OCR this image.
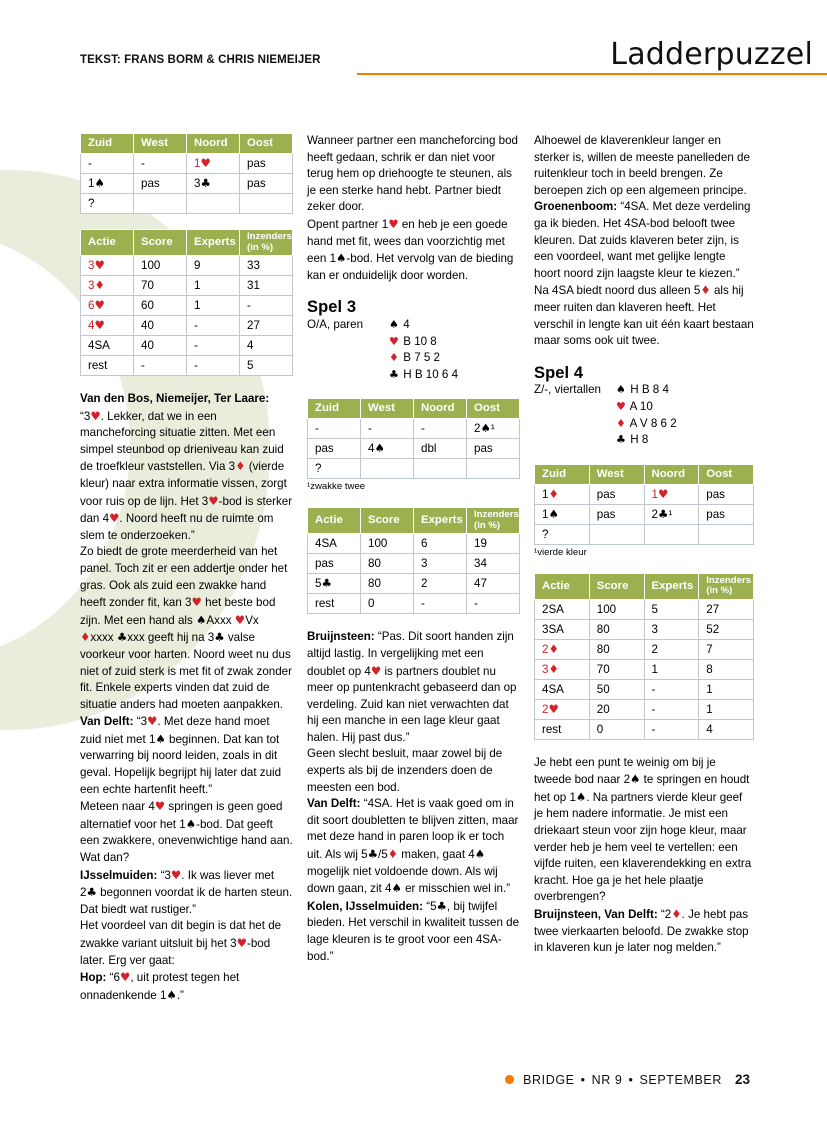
TEKST: FRANS BORM & CHRIS NIEMEIJER	Ladderpuzzel
Zuid	West	Noord	Oost
-	-	1♥	pas
1♠	pas	3♣	pas
?			
Actie	Score	Experts	Inzenders
(in %)

3♥	100	9	33
3♦	70	1	31
6♥	60	1	-
4♥	40	-	27
4SA	40	-	4
rest	-	-	5

Van den Bos, Niemeijer, Ter Laare:
“3♥. Lekker, dat we in een mancheforcing situatie zitten. Met een simpel steunbod op drieniveau kan zuid de troefkleur vaststellen. Via 3♦ (vierde kleur) naar extra informatie vissen, zorgt voor ruis op de lijn. Het 3♥-bod is sterker dan 4♥. Noord heeft nu de ruimte om slem te onderzoeken.”

Zo biedt de grote meerderheid van het panel. Toch zit er een addertje onder het gras. Ook als zuid een zwakke hand heeft zonder fit, kan 3♥ het beste bod zijn. Met een hand als ♠Axxx ♥Vx ♦xxxx ♣xxx geeft hij na 3♣ valse voorkeur voor harten. Noord weet nu dus niet of zuid sterk is met fit of zwak zonder fit. Enkele experts vinden dat zuid de situatie anders had moeten aanpakken.

Van Delft: “3♥. Met deze hand moet zuid niet met 1♠ beginnen. Dat kan tot verwarring bij noord leiden, zoals in dit geval. Hopelijk begrijpt hij later dat zuid een echte hartenfit heeft.”

Meteen naar 4♥ springen is geen goed alternatief voor het 1♠-bod. Dat geeft een zwakkere, onevenwichtige hand aan. Wat dan?

IJsselmuiden: “3♥. Ik was liever met 2♣ begonnen voordat ik de harten steun. Dat biedt wat rustiger.”

Het voordeel van dit begin is dat het de zwakke variant uitsluit bij het 3♥-bod later. Erg ver gaat:

Hop: “6♥, uit protest tegen het onnadenkende 1♠.”

Wanneer partner een mancheforcing bod heeft gedaan, schrik er dan niet voor terug hem op driehoogte te steunen, als je een sterke hand hebt. Partner biedt zeker door.

Opent partner 1♥ en heb je een goede hand met fit, wees dan voorzichtig met een 1♠-bod. Het vervolg van de bieding kan er onduidelijk door worden.

Spel 3
O/A, paren	♠ 4
♥ B 10 8
♦ B 7 5 2
♣ H B 10 6 4
Zuid	West	Noord	Oost
-	-	-	2♠¹
pas	4♠	dbl	pas
?			
¹zwakke twee
Actie	Score	Experts	Inzenders
(in %)

4SA	100	6	19
pas	80	3	34
5♣	80	2	47
rest	0	-	-

Bruijnsteen: “Pas. Dit soort handen zijn altijd lastig. In vergelijking met een doublet op 4♥ is partners doublet nu meer op puntenkracht gebaseerd dan op verdeling. Zuid kan niet verwachten dat hij een manche in een lage kleur gaat halen. Hij past dus.”

Geen slecht besluit, maar zowel bij de experts als bij de inzenders doen de meesten een bod.

Van Delft: “4SA. Het is vaak goed om in dit soort doubletten te blijven zitten, maar met deze hand in paren loop ik er toch uit. Als wij 5♣/5♦ maken, gaat 4♠ mogelijk niet voldoende down. Als wij down gaan, zit 4♠ er misschien wel in.”

Kolen, IJsselmuiden: “5♣, bij twijfel bieden. Het verschil in kwaliteit tussen de lage kleuren is te groot voor een 4SA-bod.”

Alhoewel de klaverenkleur langer en sterker is, willen de meeste panelleden de ruitenkleur toch in beeld brengen. Ze beroepen zich op een algemeen principe.

Groenenboom: “4SA. Met deze verdeling ga ik bieden. Het 4SA-bod belooft twee kleuren. Dat zuids klaveren beter zijn, is een voordeel, want met gelijke lengte hoort noord zijn laagste kleur te kiezen.”

Na 4SA biedt noord dus alleen 5♦ als hij meer ruiten dan klaveren heeft. Het verschil in lengte kan uit één kaart bestaan maar soms ook uit twee.

Spel 4
Z/-, viertallen	♠ H B 8 4
♥ A 10
♦ A V 8 6 2
♣ H 8
Zuid	West	Noord	Oost
1♦	pas	1♥	pas
1♠	pas	2♣¹	pas
?			
¹vierde kleur
Actie	Score	Experts	Inzenders
(in %)

2SA	100	5	27
3SA	80	3	52
2♦	80	2	7
3♦	70	1	8
4SA	50	-	1
2♥	20	-	1
rest	0	-	4

Je hebt een punt te weinig om bij je tweede bod naar 2♠ te springen en houdt het op 1♠. Na partners vierde kleur geef je hem nadere informatie. Je mist een driekaart steun voor zijn hoge kleur, maar verder heb je hem veel te vertellen: een vijfde ruiten, een klaverendekking en extra kracht. Hoe ga je het hele plaatje overbrengen?

Bruijnsteen, Van Delft: “2♦. Je hebt pas twee vierkaarten beloofd. De zwakke stop in klaveren kun je later nog melden.”

BRIDGE • NR 9 • SEPTEMBER 23
